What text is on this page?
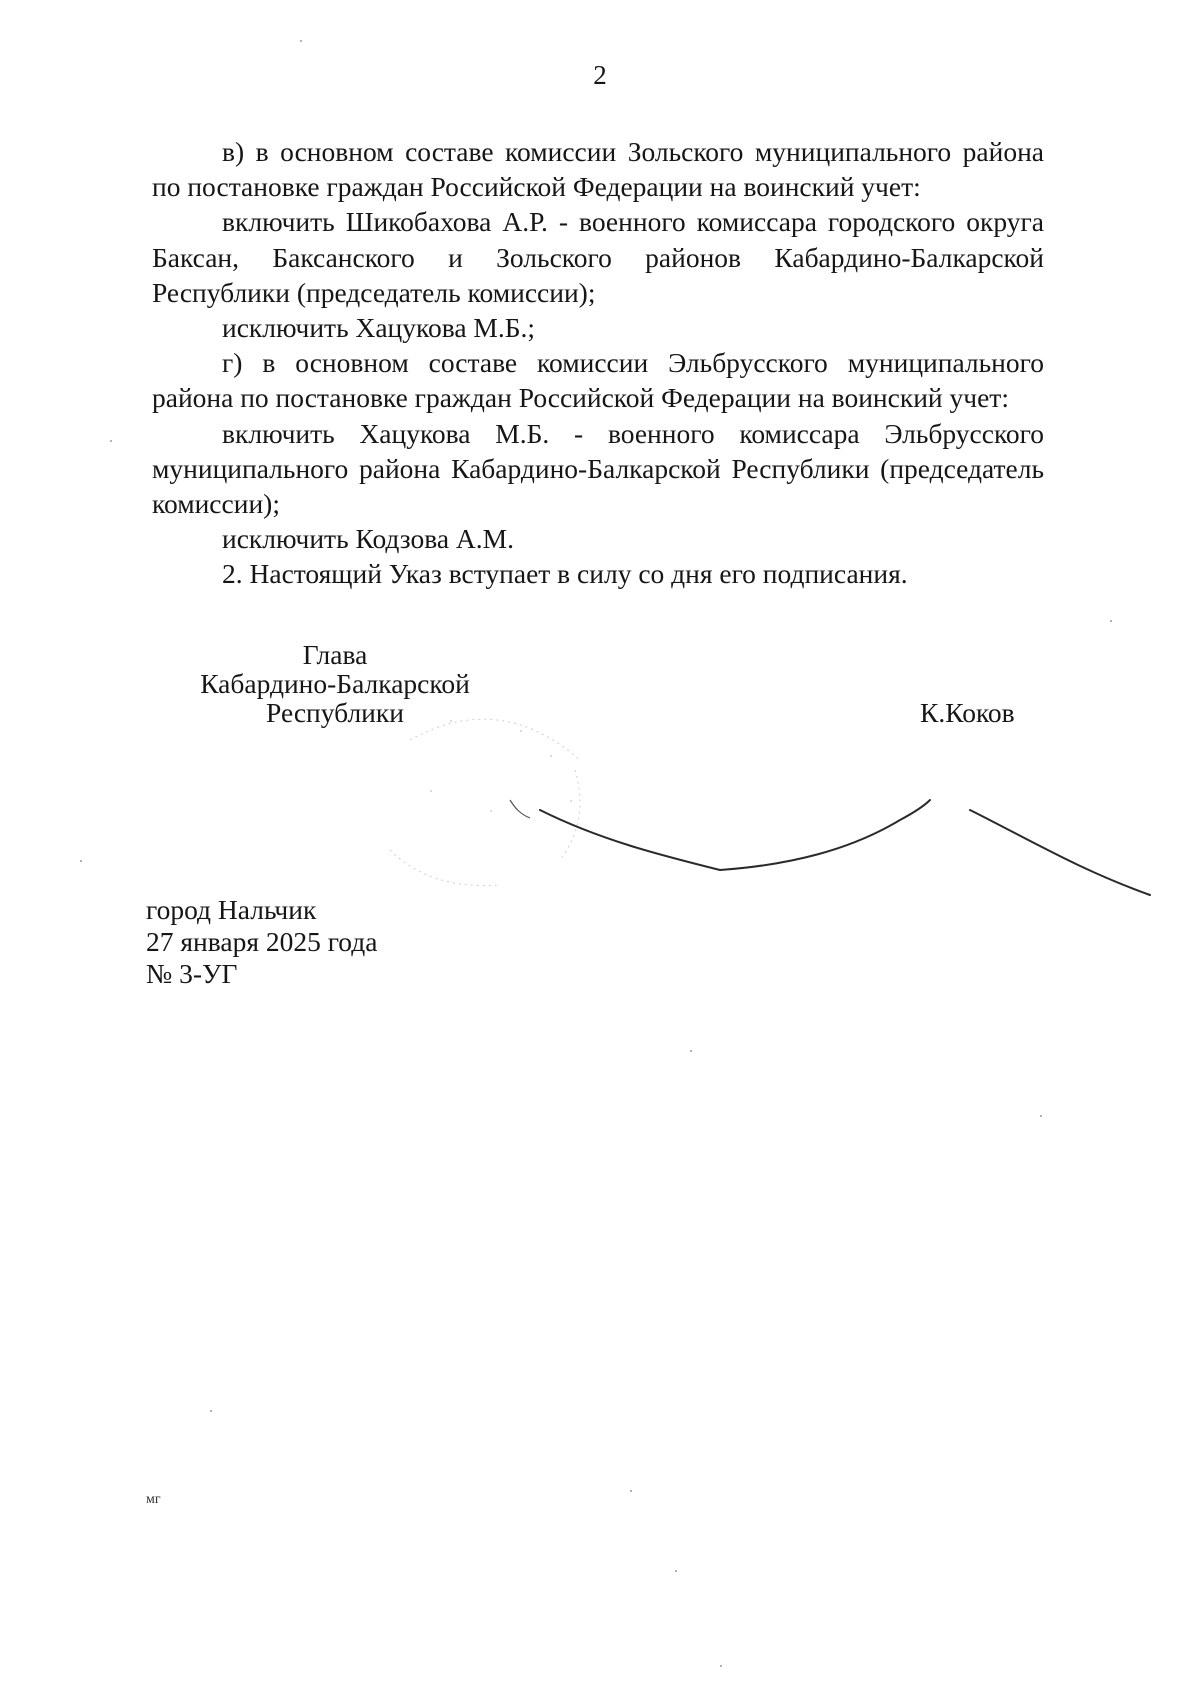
2

в) в основном составе комиссии Зольского муниципального района по постановке граждан Российской Федерации на воинский учет:

включить Шикобахова А.Р. - военного комиссара городского округа Баксан, Баксанского и Зольского районов Кабардино-Балкарской Республики (председатель комиссии);

исключить Хацукова М.Б.;

г) в основном составе комиссии Эльбрусского муниципального района по постановке граждан Российской Федерации на воинский учет:

включить Хацукова М.Б. - военного комиссара Эльбрусского муниципального района Кабардино-Балкарской Республики (председатель комиссии);

исключить Кодзова А.М.

2. Настоящий Указ вступает в силу со дня его подписания.

Глава
Кабардино-Балкарской
Республики	К.Коков
город Нальчик
27 января 2025 года
№ 3-УГ
мг
